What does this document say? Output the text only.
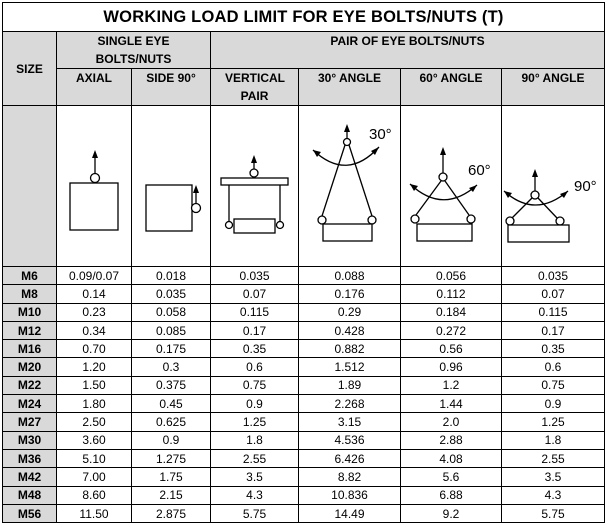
WORKING LOAD LIMIT FOR EYE BOLTS/NUTS (T)						
SIZE	SINGLE EYE BOLTS/NUTS		PAIR OF EYE BOLTS/NUTS			
	AXIAL	SIDE 90°	VERTICAL PAIR	30° ANGLE	60° ANGLE	90° ANGLE

30°	60°	90°

M6	0.09/0.07	0.018	0.035	0.088	0.056	0.035
M8	0.14	0.035	0.07	0.176	0.112	0.07
M10	0.23	0.058	0.115	0.29	0.184	0.115
M12	0.34	0.085	0.17	0.428	0.272	0.17
M16	0.70	0.175	0.35	0.882	0.56	0.35
M20	1.20	0.3	0.6	1.512	0.96	0.6
M22	1.50	0.375	0.75	1.89	1.2	0.75
M24	1.80	0.45	0.9	2.268	1.44	0.9
M27	2.50	0.625	1.25	3.15	2.0	1.25
M30	3.60	0.9	1.8	4.536	2.88	1.8
M36	5.10	1.275	2.55	6.426	4.08	2.55
M42	7.00	1.75	3.5	8.82	5.6	3.5
M48	8.60	2.15	4.3	10.836	6.88	4.3
M56	11.50	2.875	5.75	14.49	9.2	5.75
